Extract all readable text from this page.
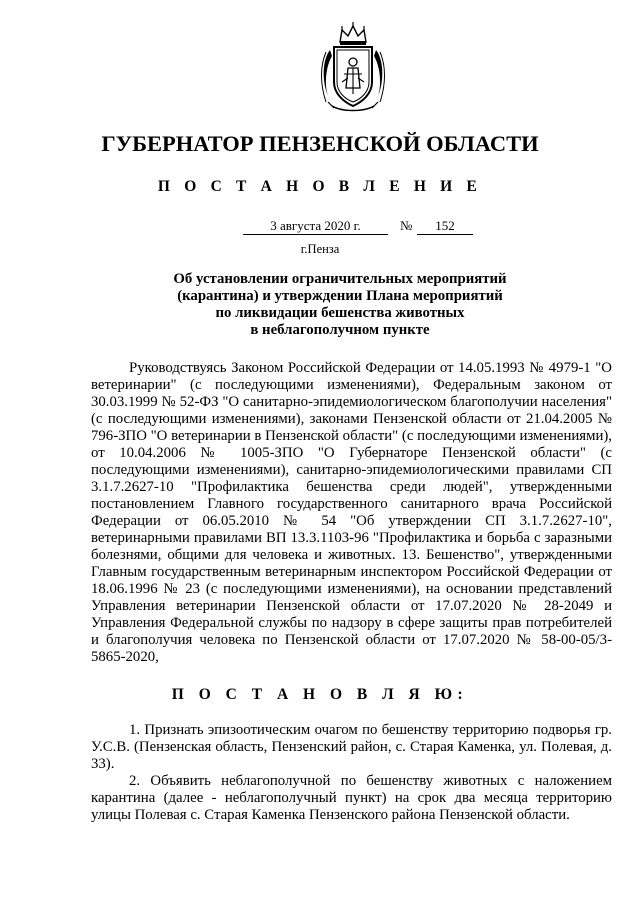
ГУБЕРНАТОР ПЕНЗЕНСКОЙ ОБЛАСТИ
П О С Т А Н О В Л Е Н И Е
3 августа 2020 г.	№	152
г.Пенза
Об установлении ограничительных мероприятий
(карантина) и утверждении Плана мероприятий
по ликвидации бешенства животных
в неблагополучном пункте

Руководствуясь Законом Российской Федерации от 14.05.1993 № 4979-1 "О ветеринарии" (с последующими изменениями), Федеральным законом от 30.03.1999 № 52-ФЗ "О санитарно-эпидемиологическом благополучии населения" (с последующими изменениями), законами Пензенской области от 21.04.2005 № 796-ЗПО "О ветеринарии в Пензенской области" (с последующими изменениями), от 10.04.2006 № 1005-ЗПО "О Губернаторе Пензенской области" (с последующими изменениями), санитарно-эпидемиологическими правилами СП 3.1.7.2627-10 "Профилактика бешенства среди людей", утвержденными постановлением Главного государственного санитарного врача Российской Федерации от 06.05.2010 № 54 "Об утверждении СП 3.1.7.2627-10", ветеринарными правилами ВП 13.3.1103-96 "Профилактика и борьба с заразными болезнями, общими для человека и животных. 13. Бешенство", утвержденными Главным государственным ветеринарным инспектором Российской Федерации от 18.06.1996 № 23 (с последующими изменениями), на основании представлений Управления ветеринарии Пензенской области от 17.07.2020 № 28-2049 и Управления Федеральной службы по надзору в сфере защиты прав потребителей и благополучия человека по Пензенской области от 17.07.2020 № 58-00-05/3-5865-2020,

П О С Т А Н О В Л Я Ю:

1. Признать эпизоотическим очагом по бешенству территорию подворья гр. У.С.В. (Пензенская область, Пензенский район, с. Старая Каменка, ул. Полевая, д. 33).

2. Объявить неблагополучной по бешенству животных с наложением карантина (далее - неблагополучный пункт) на срок два месяца территорию улицы Полевая с. Старая Каменка Пензенского района Пензенской области.
